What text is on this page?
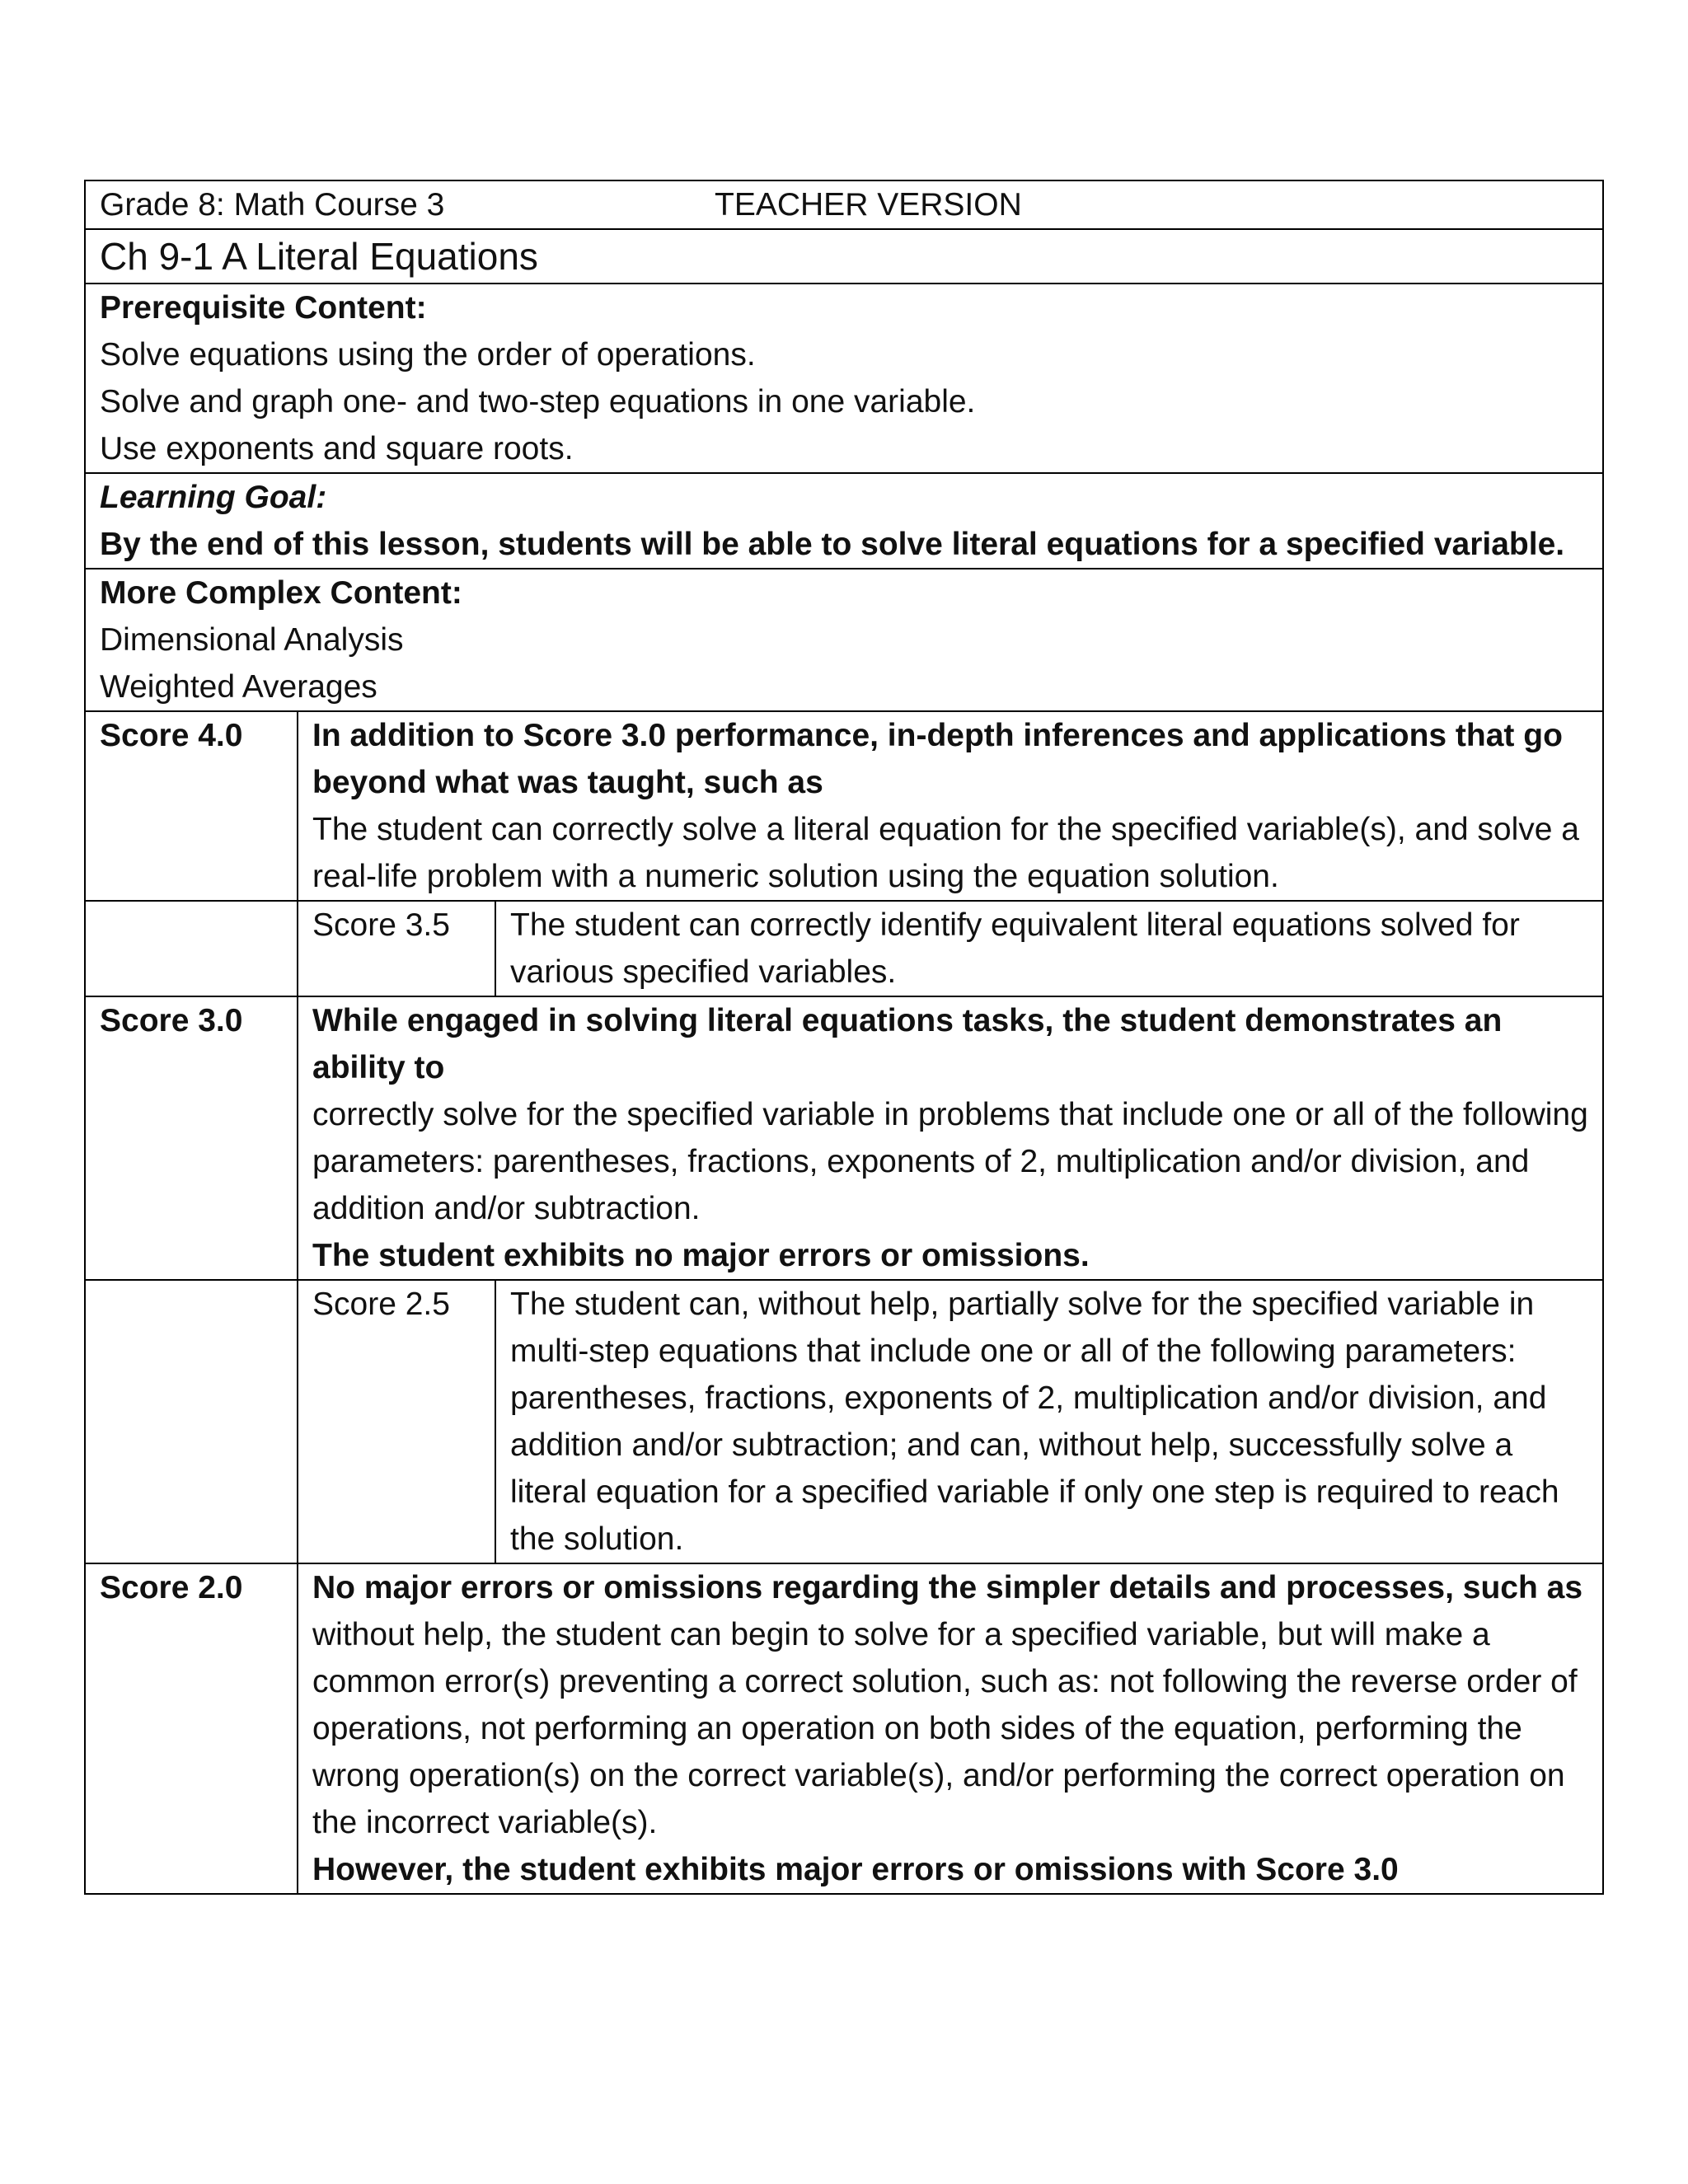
Grade 8: Math Course 3 TEACHER VERSION		
Ch 9-1 A Literal Equations		

Prerequisite Content:
Solve equations using the order of operations.
Solve and graph one- and two-step equations in one variable.
Use exponents and square roots.		

Learning Goal:
By the end of this lesson, students will be able to solve literal equations for a specified variable.		

More Complex Content:
Dimensional Analysis
Weighted Averages		

Score 4.0	In addition to Score 3.0 performance, in-depth inferences and applications that go beyond what was taught, such as
The student can correctly solve a literal equation for the specified variable(s), and solve a real-life problem with a numeric solution using the equation solution.	

	Score 3.5	The student can correctly identify equivalent literal equations solved for various specified variables.
Score 3.0	While engaged in solving literal equations tasks, the student demonstrates an ability to
correctly solve for the specified variable in problems that include one or all of the following parameters: parentheses, fractions, exponents of 2, multiplication and/or division, and addition and/or subtraction.
The student exhibits no major errors or omissions.	

	Score 2.5	The student can, without help, partially solve for the specified variable in multi-step equations that include one or all of the following parameters: parentheses, fractions, exponents of 2, multiplication and/or division, and addition and/or subtraction; and can, without help, successfully solve a literal equation for a specified variable if only one step is required to reach the solution.
Score 2.0	No major errors or omissions regarding the simpler details and processes, such as
without help, the student can begin to solve for a specified variable, but will make a common error(s) preventing a correct solution, such as: not following the reverse order of operations, not performing an operation on both sides of the equation, performing the wrong operation(s) on the correct variable(s), and/or performing the correct operation on the incorrect variable(s).
However, the student exhibits major errors or omissions with Score 3.0	
